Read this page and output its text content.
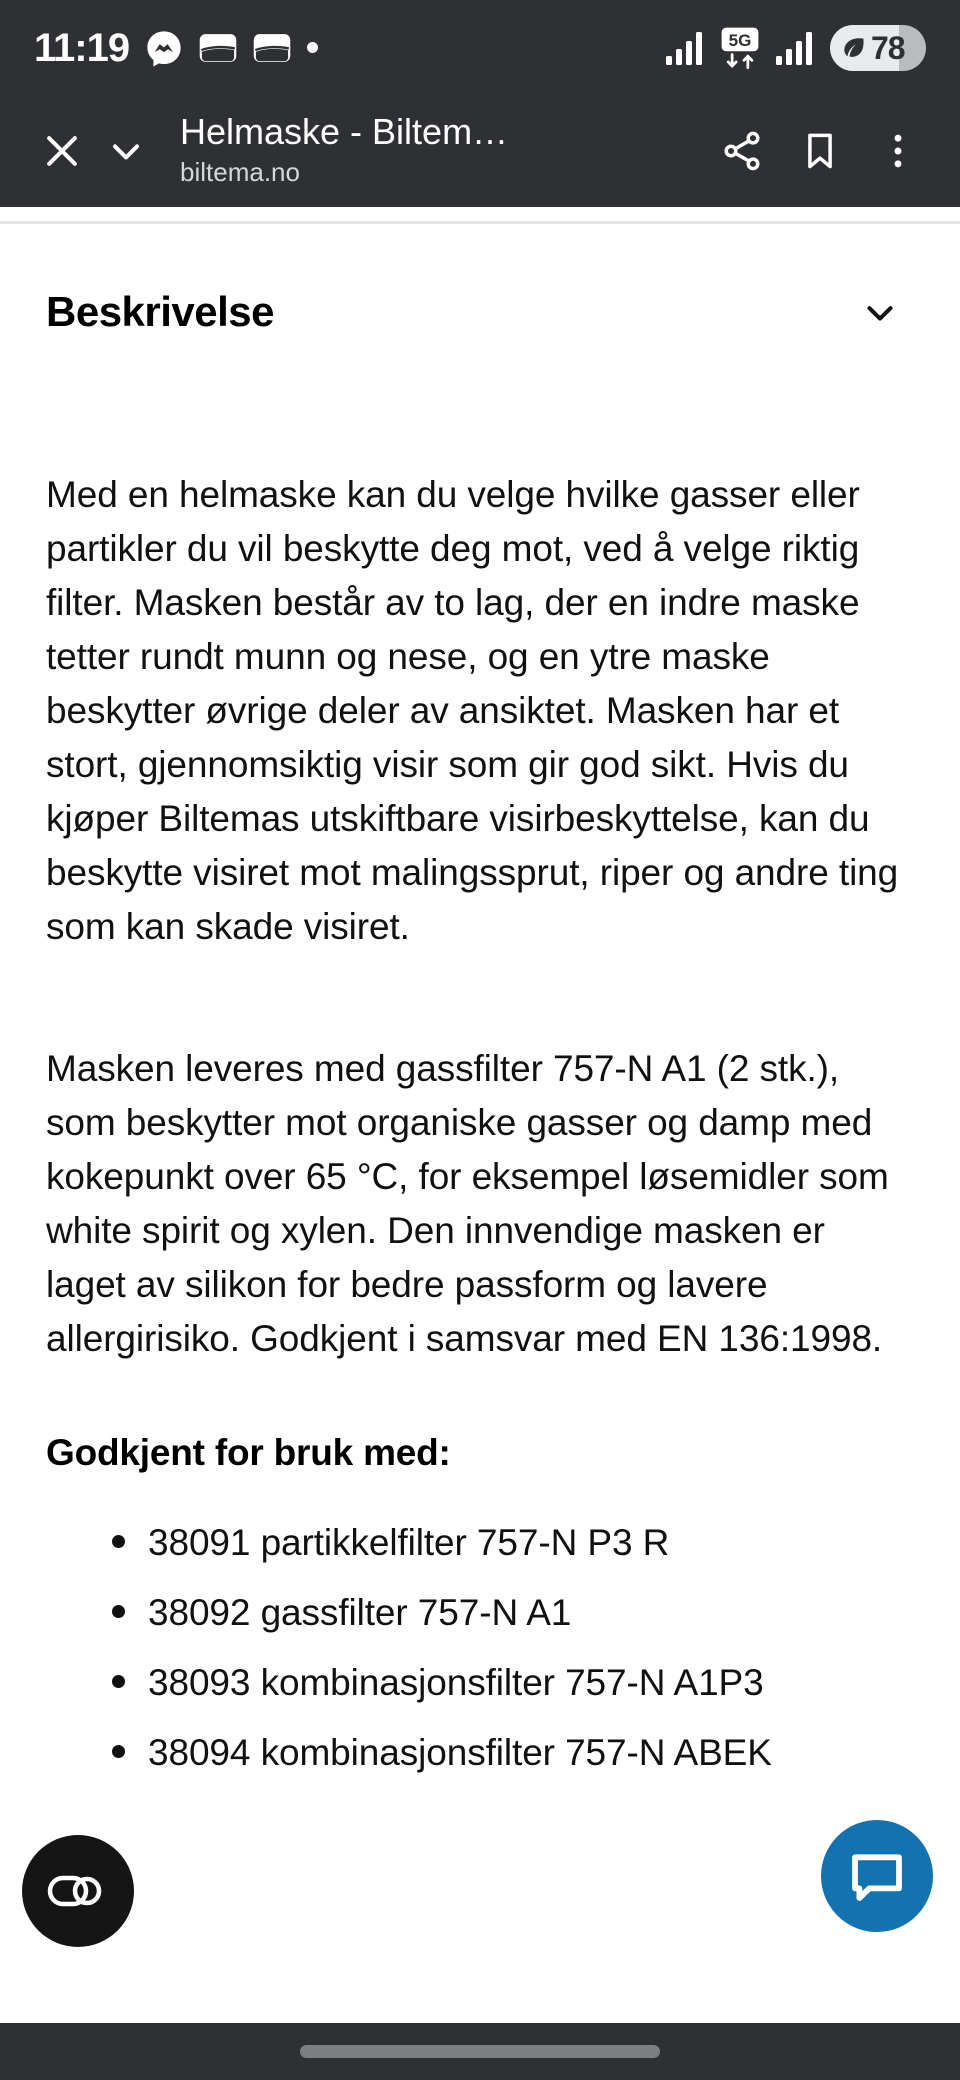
11:19	5G	78
Helmaske - Biltem…
biltema.no
Beskrivelse

Med en helmaske kan du velge hvilke gasser eller partikler du vil beskytte deg mot, ved å velge riktig filter. Masken består av to lag, der en indre maske tetter rundt munn og nese, og en ytre maske beskytter øvrige deler av ansiktet. Masken har et stort, gjennomsiktig visir som gir god sikt. Hvis du kjøper Biltemas utskiftbare visirbeskyttelse, kan du beskytte visiret mot malingssprut, riper og andre ting som kan skade visiret.

Masken leveres med gassfilter 757-N A1 (2 stk.), som beskytter mot organiske gasser og damp med kokepunkt over 65 °C, for eksempel løsemidler som white spirit og xylen. Den innvendige masken er laget av silikon for bedre passform og lavere allergirisiko. Godkjent i samsvar med EN 136:1998.

Godkjent for bruk med:
38091 partikkelfilter 757-N P3 R
38092 gassfilter 757-N A1
38093 kombinasjonsfilter 757-N A1P3
38094 kombinasjonsfilter 757-N ABEK
